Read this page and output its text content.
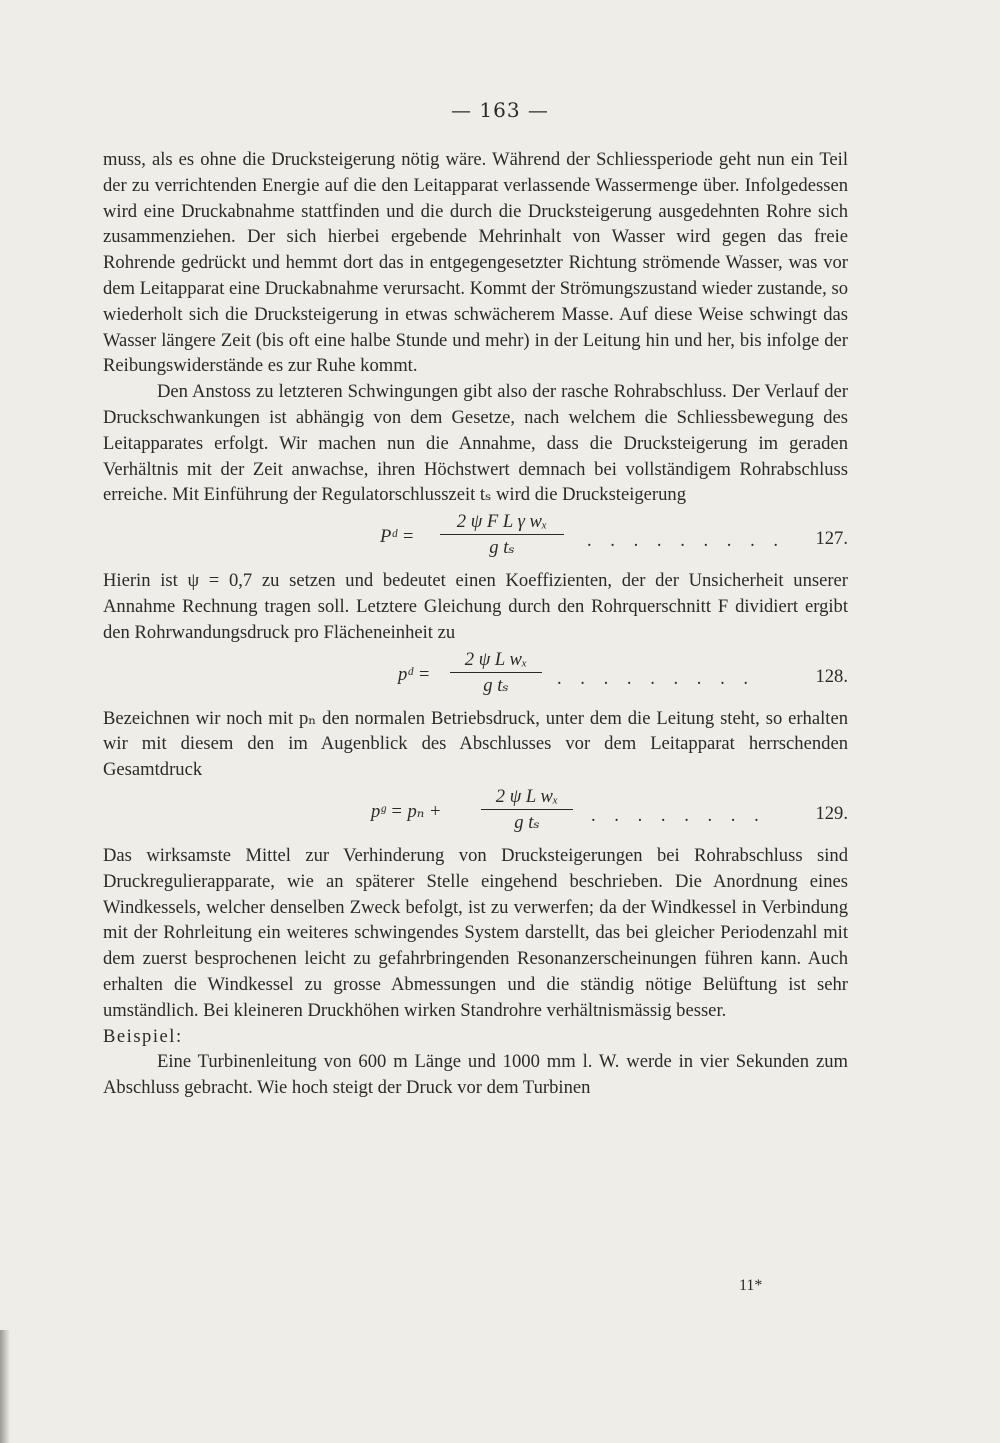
— 163 —

muss, als es ohne die Drucksteigerung nötig wäre. Während der Schliessperiode geht nun ein Teil der zu verrichtenden Energie auf die den Leitapparat verlassende Wassermenge über. Infolgedessen wird eine Druckabnahme stattfinden und die durch die Drucksteigerung ausgedehnten Rohre sich zusammenziehen. Der sich hierbei ergebende Mehrinhalt von Wasser wird gegen das freie Rohrende gedrückt und hemmt dort das in entgegengesetzter Richtung strömende Wasser, was vor dem Leitapparat eine Druckabnahme verursacht. Kommt der Strömungszustand wieder zustande, so wiederholt sich die Drucksteigerung in etwas schwächerem Masse. Auf diese Weise schwingt das Wasser längere Zeit (bis oft eine halbe Stunde und mehr) in der Leitung hin und her, bis infolge der Reibungswiderstände es zur Ruhe kommt.

Den Anstoss zu letzteren Schwingungen gibt also der rasche Rohrabschluss. Der Verlauf der Druckschwankungen ist abhängig von dem Gesetze, nach welchem die Schliessbewegung des Leitapparates erfolgt. Wir machen nun die Annahme, dass die Drucksteigerung im geraden Verhältnis mit der Zeit anwachse, ihren Höchstwert demnach bei vollständigem Rohrabschluss erreiche. Mit Einführung der Regulatorschlusszeit tₛ wird die Drucksteigerung

Pᵈ = $\frac{\text{2 ψ F L γ wₓ}}{\text{g tₛ}}$ . . . . . . . . . 127.

Hierin ist ψ = 0,7 zu setzen und bedeutet einen Koeffizienten, der der Unsicherheit unserer Annahme Rechnung tragen soll. Letztere Gleichung durch den Rohrquerschnitt F dividiert ergibt den Rohrwandungsdruck pro Flächeneinheit zu

pᵈ = $\frac{\text{2 ψ L wₓ}}{\text{g tₛ}}$ . . . . . . . . .	128.

Bezeichnen wir noch mit pₙ den normalen Betriebsdruck, unter dem die Leitung steht, so erhalten wir mit diesem den im Augenblick des Abschlusses vor dem Leitapparat herrschenden Gesamtdruck

pᵍ = $p_n + \frac{\text{2 ψ L wₓ}}{\text{g tₛ}}$ . . . . . . . .	129.

Das wirksamste Mittel zur Verhinderung von Drucksteigerungen bei Rohrabschluss sind Druckregulierapparate, wie an späterer Stelle eingehend beschrieben. Die Anordnung eines Windkessels, welcher denselben Zweck befolgt, ist zu verwerfen; da der Windkessel in Verbindung mit der Rohrleitung ein weiteres schwingendes System darstellt, das bei gleicher Periodenzahl mit dem zuerst besprochenen leicht zu gefahrbringenden Resonanzerscheinungen führen kann. Auch erhalten die Windkessel zu grosse Abmessungen und die ständig nötige Belüftung ist sehr umständlich. Bei kleineren Druckhöhen wirken Standrohre verhältnismässig besser.

Beispiel:

Eine Turbinenleitung von 600 m Länge und 1000 mm l. W. werde in vier Sekunden zum Abschluss gebracht. Wie hoch steigt der Druck vor dem Turbinen

11*
